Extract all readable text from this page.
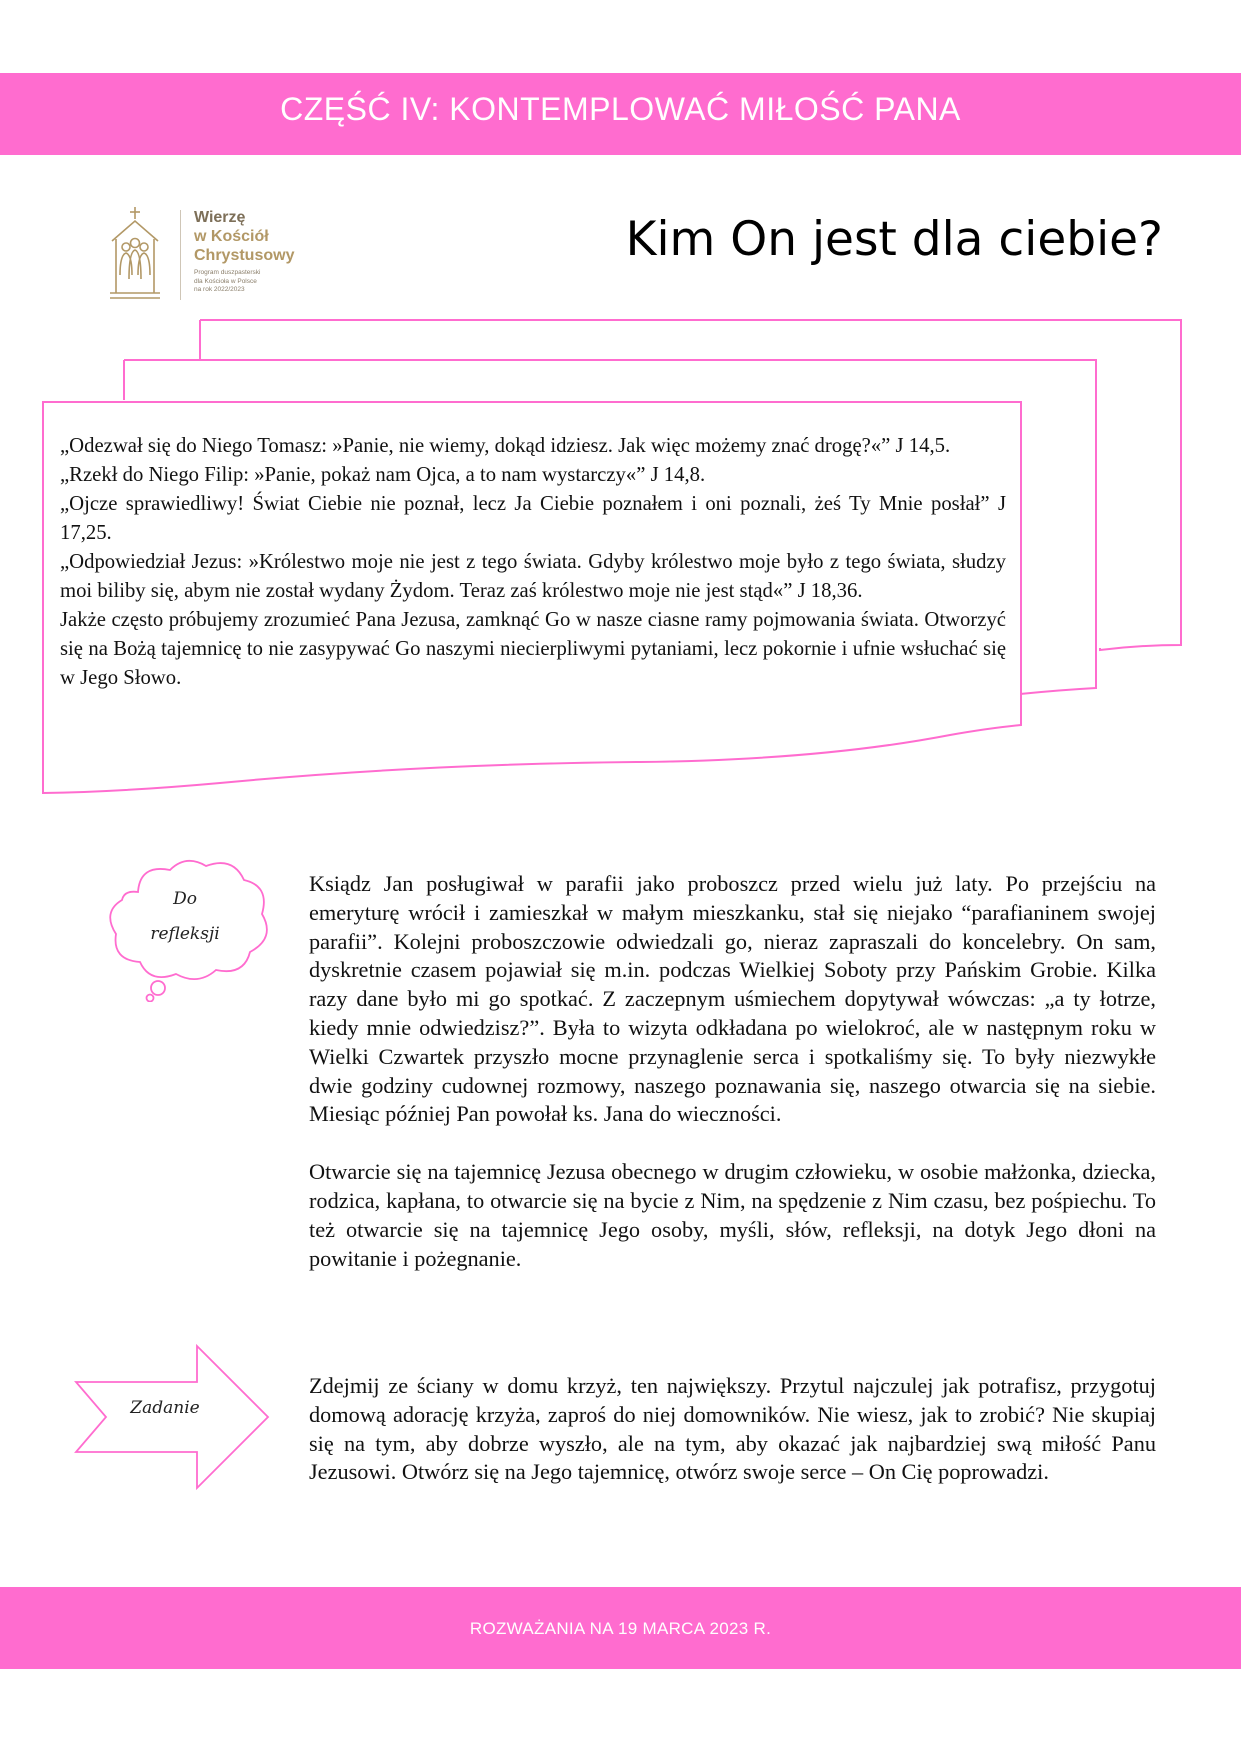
CZĘŚĆ IV: KONTEMPLOWAĆ MIŁOŚĆ PANA
Wierzę
w Kościół
Chrystusowy
Program duszpasterski
dla Kościoła w Polsce
na rok 2022/2023
Kim On jest dla ciebie?

„Odezwał się do Niego Tomasz: »Panie, nie wiemy, dokąd idziesz. Jak więc możemy znać drogę?«” J 14,5.

„Rzekł do Niego Filip: »Panie, pokaż nam Ojca, a to nam wystarczy«” J 14,8.

„Ojcze sprawiedliwy! Świat Ciebie nie poznał, lecz Ja Ciebie poznałem i oni poznali, żeś Ty Mnie posłał” J 17,25.

„Odpowiedział Jezus: »Królestwo moje nie jest z tego świata. Gdyby królestwo moje było z tego świata, słudzy moi biliby się, abym nie został wydany Żydom. Teraz zaś królestwo moje nie jest stąd«” J 18,36.

Jakże często próbujemy zrozumieć Pana Jezusa, zamknąć Go w nasze ciasne ramy pojmowania świata. Otworzyć się na Bożą tajemnicę to nie zasypywać Go naszymi niecierpliwymi pytaniami, lecz pokornie i ufnie wsłuchać się w Jego Słowo.

Do
refleksji

Ksiądz Jan posługiwał w parafii jako proboszcz przed wielu już laty. Po przejściu na emeryturę wrócił i zamieszkał w małym mieszkanku, stał się niejako “parafianinem swojej parafii”. Kolejni proboszczowie odwiedzali go, nieraz zapraszali do koncelebry. On sam, dyskretnie czasem pojawiał się m.in. podczas Wielkiej Soboty przy Pańskim Grobie. Kilka razy dane było mi go spotkać. Z zaczepnym uśmiechem dopytywał wówczas: „a ty łotrze, kiedy mnie odwiedzisz?”. Była to wizyta odkładana po wielokroć, ale w następnym roku w Wielki Czwartek przyszło mocne przynaglenie serca i spotkaliśmy się. To były niezwykłe dwie godziny cudownej rozmowy, naszego poznawania się, naszego otwarcia się na siebie. Miesiąc później Pan powołał ks. Jana do wieczności.

Otwarcie się na tajemnicę Jezusa obecnego w drugim człowieku, w osobie małżonka, dziecka, rodzica, kapłana, to otwarcie się na bycie z Nim, na spędzenie z Nim czasu, bez pośpiechu. To też otwarcie się na tajemnicę Jego osoby, myśli, słów, refleksji, na dotyk Jego dłoni na powitanie i pożegnanie.

Zadanie
Zdejmij ze ściany w domu krzyż, ten największy. Przytul najczulej jak potrafisz, przygotuj domową adorację krzyża, zaproś do niej domowników. Nie wiesz, jak to zrobić? Nie skupiaj się na tym, aby dobrze wyszło, ale na tym, aby okazać jak najbardziej swą miłość Panu Jezusowi. Otwórz się na Jego tajemnicę, otwórz swoje serce – On Cię poprowadzi.
ROZWAŻANIA NA 19 MARCA 2023 R.
